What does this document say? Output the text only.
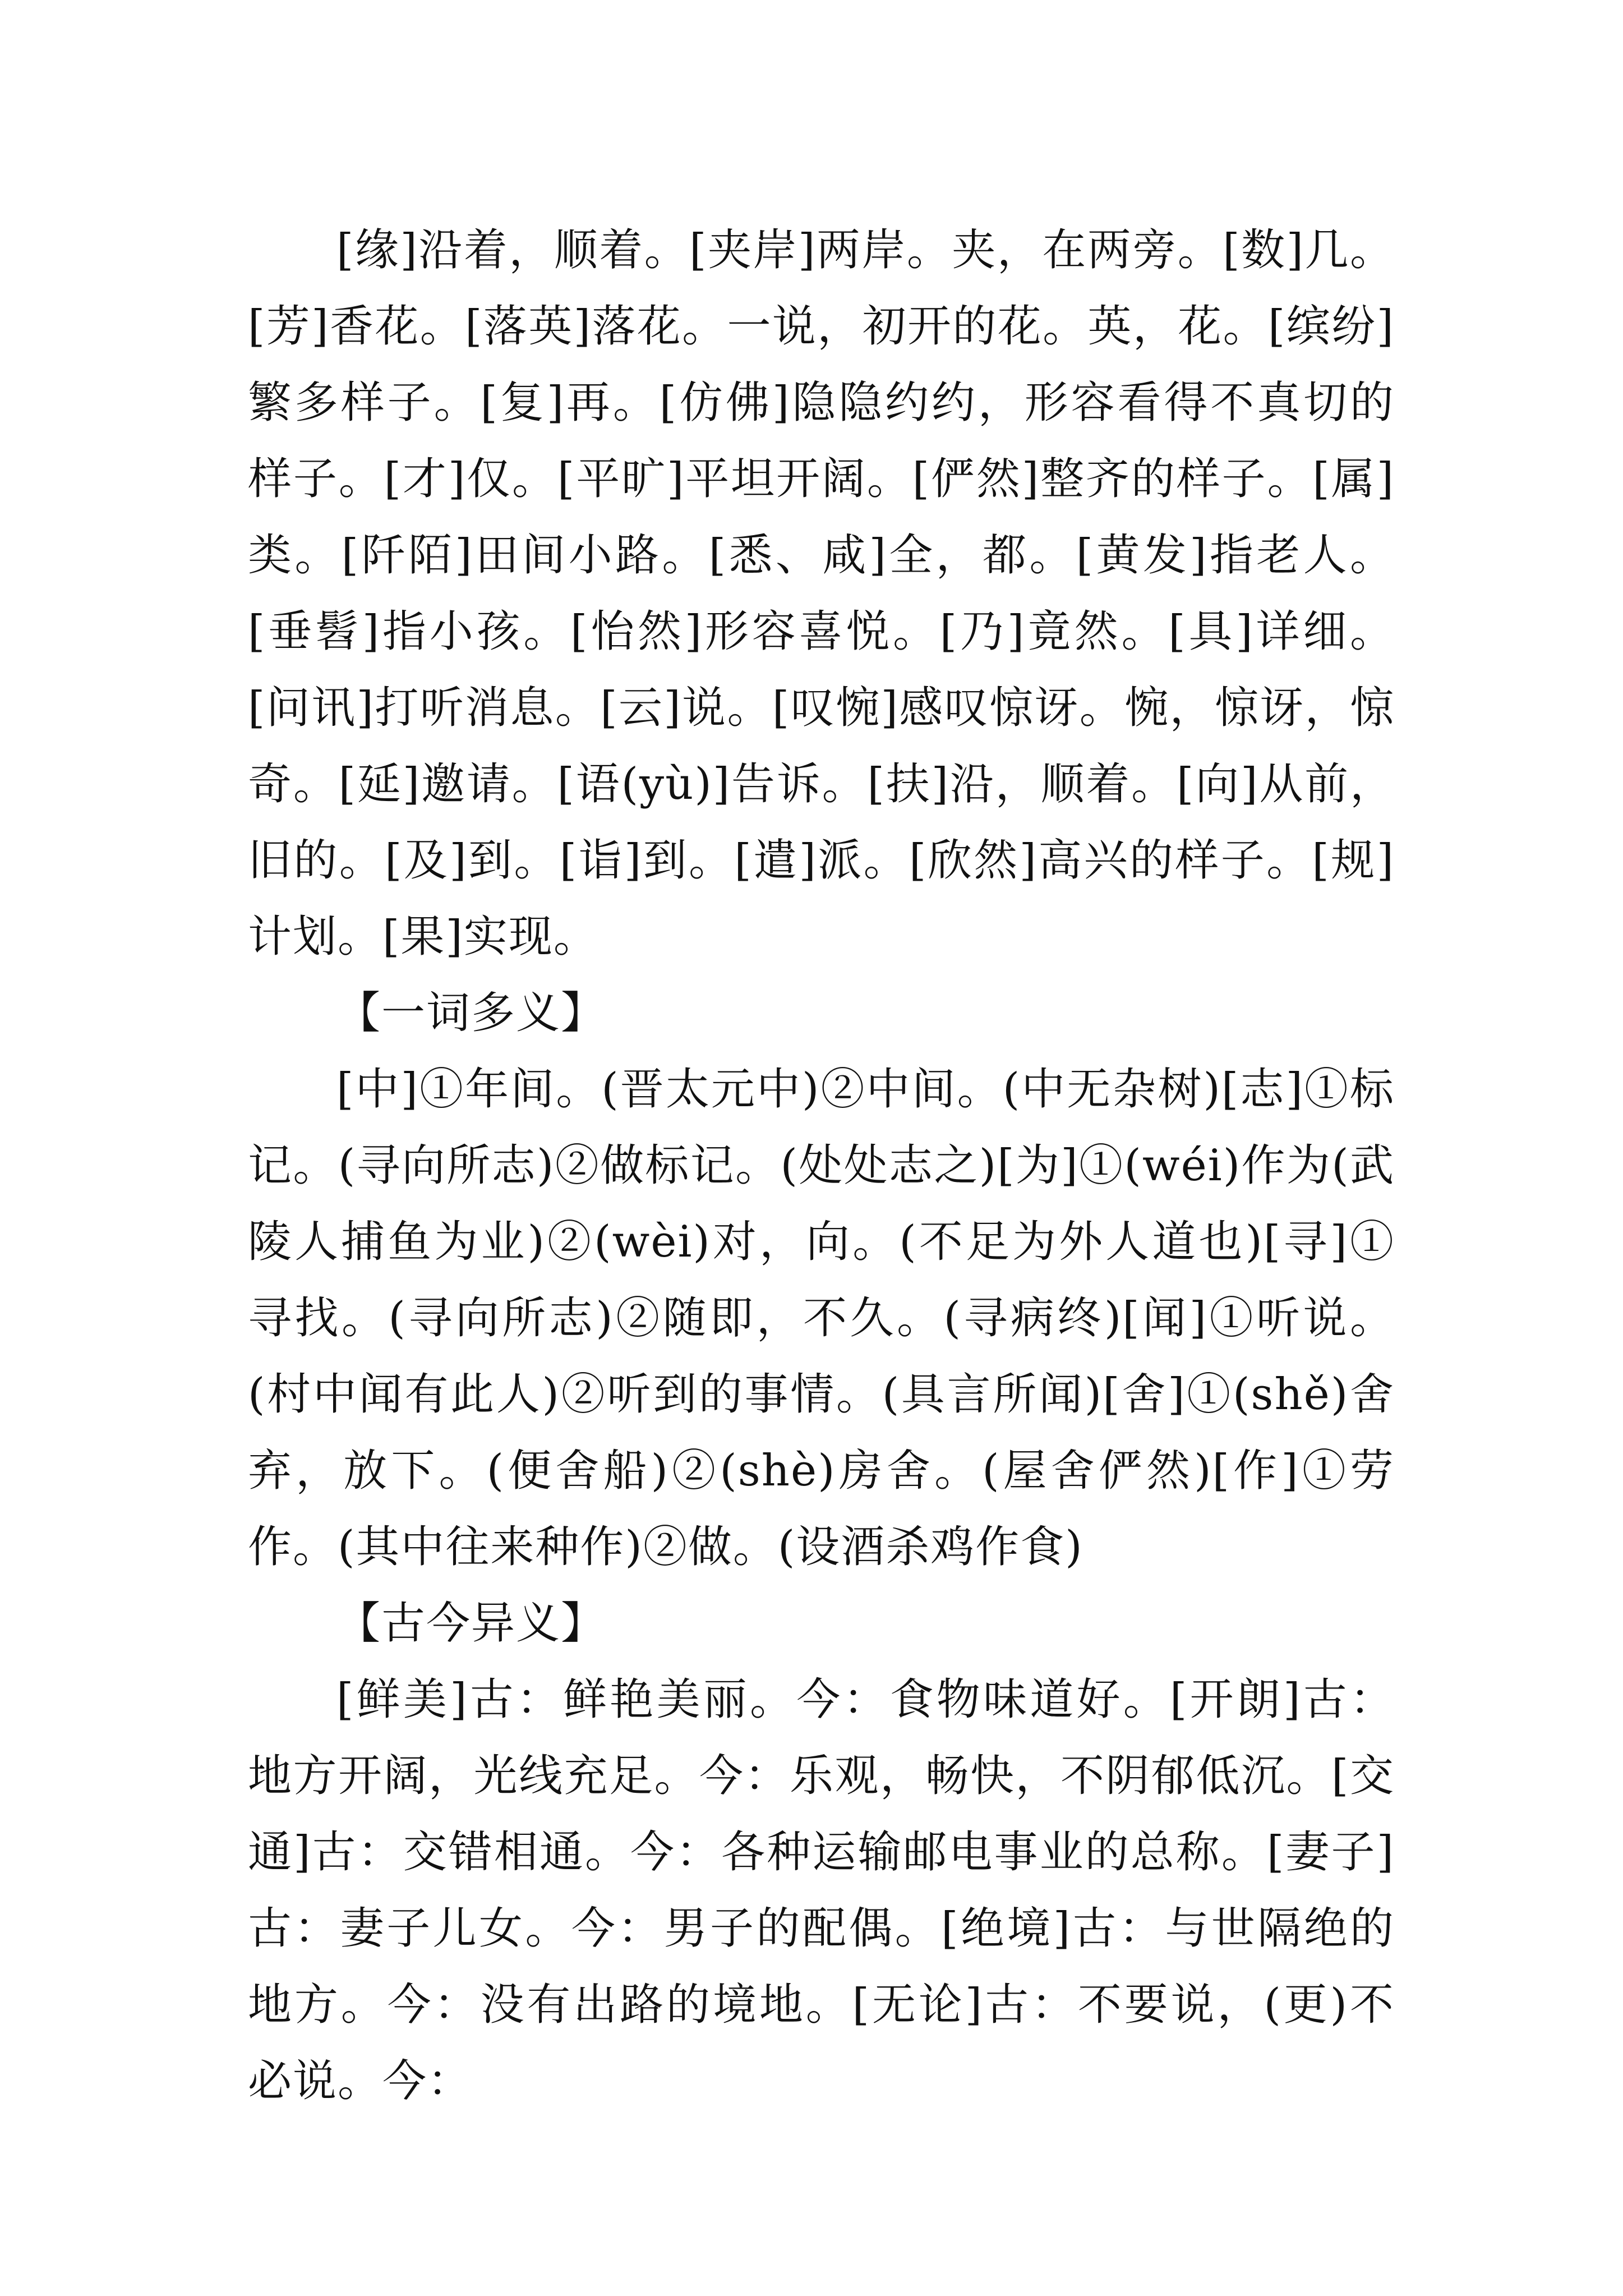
[缘]沿着，顺着。[夹岸]两岸。夹，在两旁。[数]几。[芳]香花。[落英]落花。一说，初开的花。英，花。[缤纷]繁多样子。[复]再。[仿佛]隐隐约约，形容看得不真切的样子。[才]仅。[平旷]平坦开阔。[俨然]整齐的样子。[属]类。[阡陌]田间小路。[悉、咸]全，都。[黄发]指老人。[垂髫]指小孩。[怡然]形容喜悦。[乃]竟然。[具]详细。[问讯]打听消息。[云]说。[叹惋]感叹惊讶。惋，惊讶，惊奇。[延]邀请。[语(yù)]告诉。[扶]沿，顺着。[向]从前，旧的。[及]到。[诣]到。[遣]派。[欣然]高兴的样子。[规]计划。[果]实现。

【一词多义】

[中]①年间。(晋太元中)②中间。(中无杂树)[志]①标记。(寻向所志)②做标记。(处处志之)[为]①(wéi)作为(武陵人捕鱼为业)②(wèi)对，向。(不足为外人道也)[寻]①寻找。(寻向所志)②随即，不久。(寻病终)[闻]①听说。(村中闻有此人)②听到的事情。(具言所闻)[舍]①(shě)舍弃，放下。(便舍船)②(shè)房舍。(屋舍俨然)[作]①劳作。(其中往来种作)②做。(设酒杀鸡作食)

【古今异义】

[鲜美]古：鲜艳美丽。今：食物味道好。[开朗]古：地方开阔，光线充足。今：乐观，畅快，不阴郁低沉。[交通]古：交错相通。今：各种运输邮电事业的总称。[妻子]古：妻子儿女。今：男子的配偶。[绝境]古：与世隔绝的地方。今：没有出路的境地。[无论]古：不要说，(更)不必说。今：
